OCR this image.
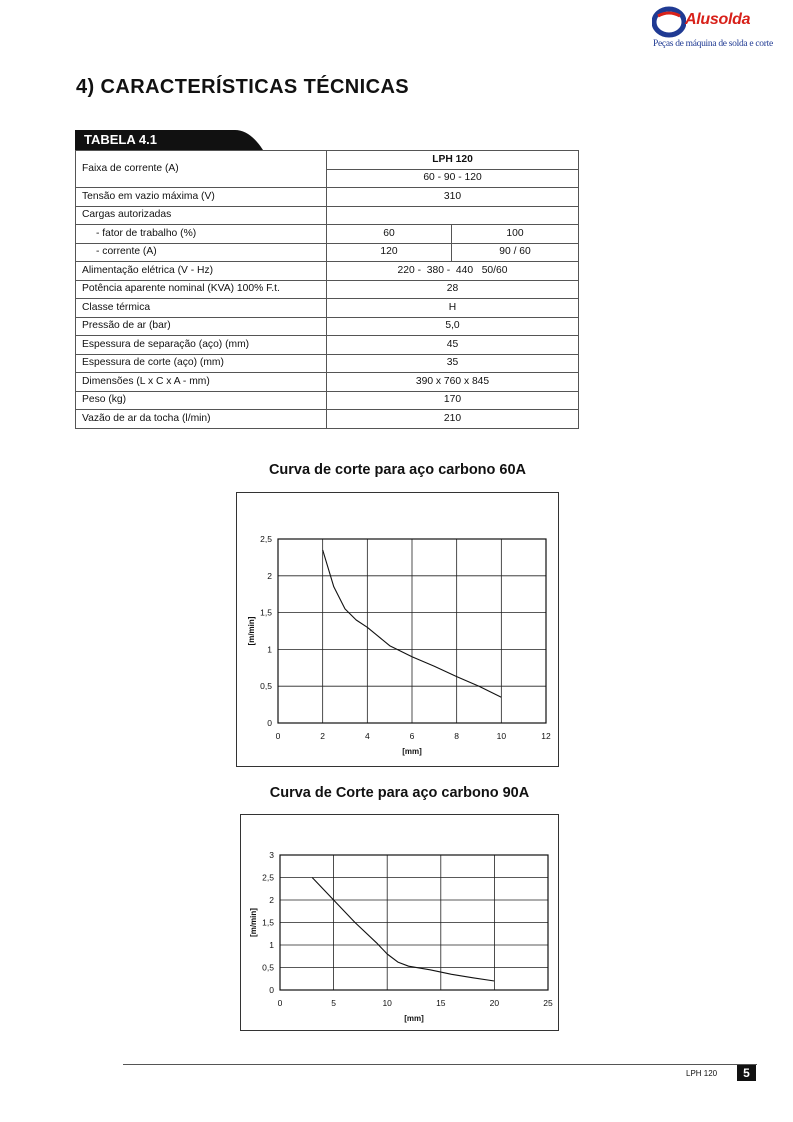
Alusolda
Peças de máquina de solda e corte
4) CARACTERÍSTICAS TÉCNICAS
TABELA 4.1
Faixa de corrente (A)	LPH 120	
	60 - 90 - 120	
Tensão em vazio máxima (V)	310	
Cargas autorizadas		
- fator de trabalho (%)	60	100
- corrente (A)	120	90 / 60
Alimentação elétrica (V - Hz)	220 -  380 -  440   50/60	
Potência aparente nominal (KVA) 100% F.t.	28	
Classe térmica	H	
Pressão de ar (bar)	5,0	
Espessura de separação (aço) (mm)	45	
Espessura de corte (aço) (mm)	35	
Dimensões (L x C x A - mm)	390 x 760 x 845	
Peso (kg)	170	
Vazão de ar da tocha (l/min)	210	
Curva de corte para aço carbono 60A
0	2	4	6	8	10	12
0
0,5
1
1,5
2
2,5
[mm]
[m/min]
Curva de Corte para aço carbono 90A
0	5	10	15	20	25
0
0,5
1
1,5
2
2,5
3
[mm]
[m/min]
LPH 120	5
